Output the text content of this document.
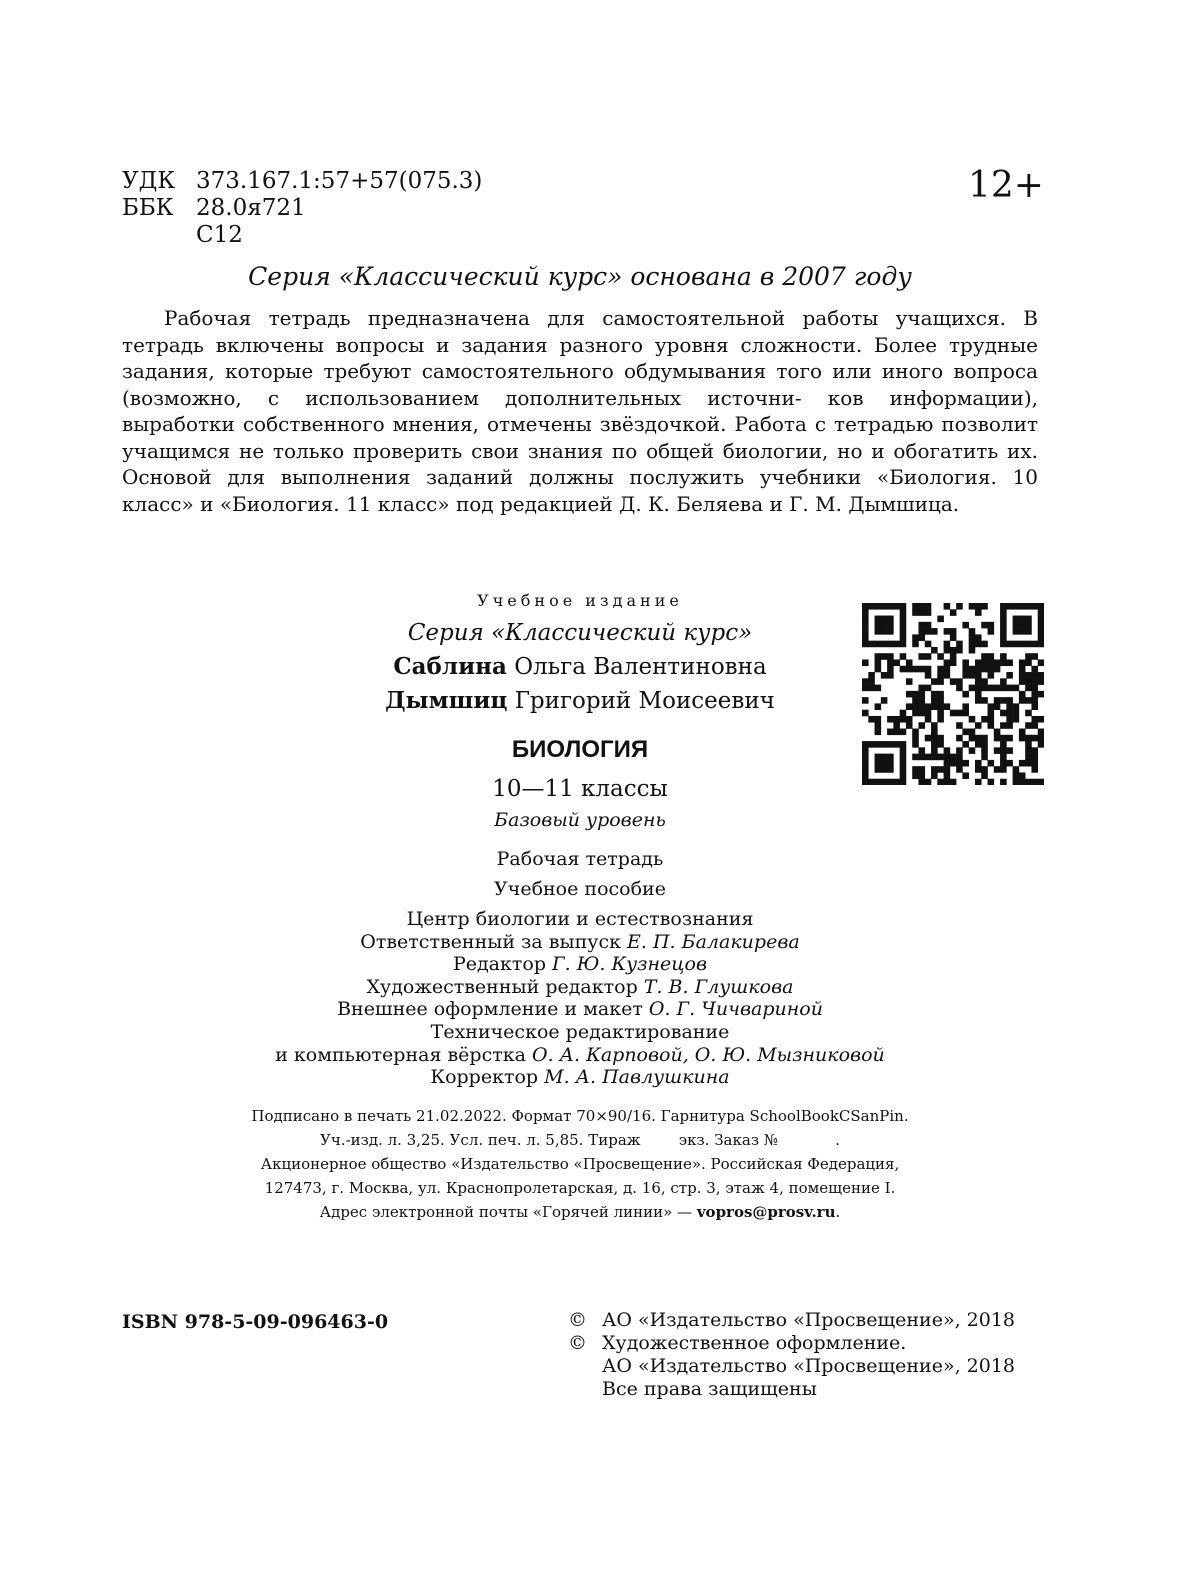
УДК 373.167.1:57+57(075.3)
ББК 28.0я721
С12
12+
Серия «Классический курс» основана в 2007 году

Рабочая тетрадь предназначена для самостоятельной работы учащихся. В тетрадь включены вопросы и задания разного уровня сложности. Более трудные задания, которые требуют самостоятельного обдумывания того или иного вопроса (возможно, с использованием дополнительных источни- ков информации), выработки собственного мнения, отмечены звёздочкой. Работа с тетрадью позволит учащимся не только проверить свои знания по общей биологии, но и обогатить их. Основой для выполнения заданий должны послужить учебники «Биология. 10 класс» и «Биология. 11 класс» под редакцией Д. К. Беляева и Г. М. Дымшица.

Учебное издание
Серия «Классический курс»
Саблина Ольга Валентиновна
Дымшиц Григорий Моисеевич
БИОЛОГИЯ
10—11 классы
Базовый уровень
Рабочая тетрадь
Учебное пособие
Центр биологии и естествознания
Ответственный за выпуск Е. П. Балакирева
Редактор Г. Ю. Кузнецов
Художественный редактор Т. В. Глушкова
Внешнее оформление и макет О. Г. Чичвариной
Техническое редактирование
и компьютерная вёрстка О. А. Карповой, О. Ю. Мызниковой
Корректор М. А. Павлушкина
Подписано в печать 21.02.2022. Формат 70×90/16. Гарнитура SchoolBookCSanPin.
Уч.-изд. л. 3,25. Усл. печ. л. 5,85. Тираж        экз. Заказ №            .
Акционерное общество «Издательство «Просвещение». Российская Федерация,
127473, г. Москва, ул. Краснопролетарская, д. 16, стр. 3, этаж 4, помещение I.
Адрес электронной почты «Горячей линии» — vopros@prosv.ru.
ISBN 978-5-09-096463-0	© АО «Издательство «Просвещение», 2018
© Художественное оформление.
АО «Издательство «Просвещение», 2018
Все права защищены
